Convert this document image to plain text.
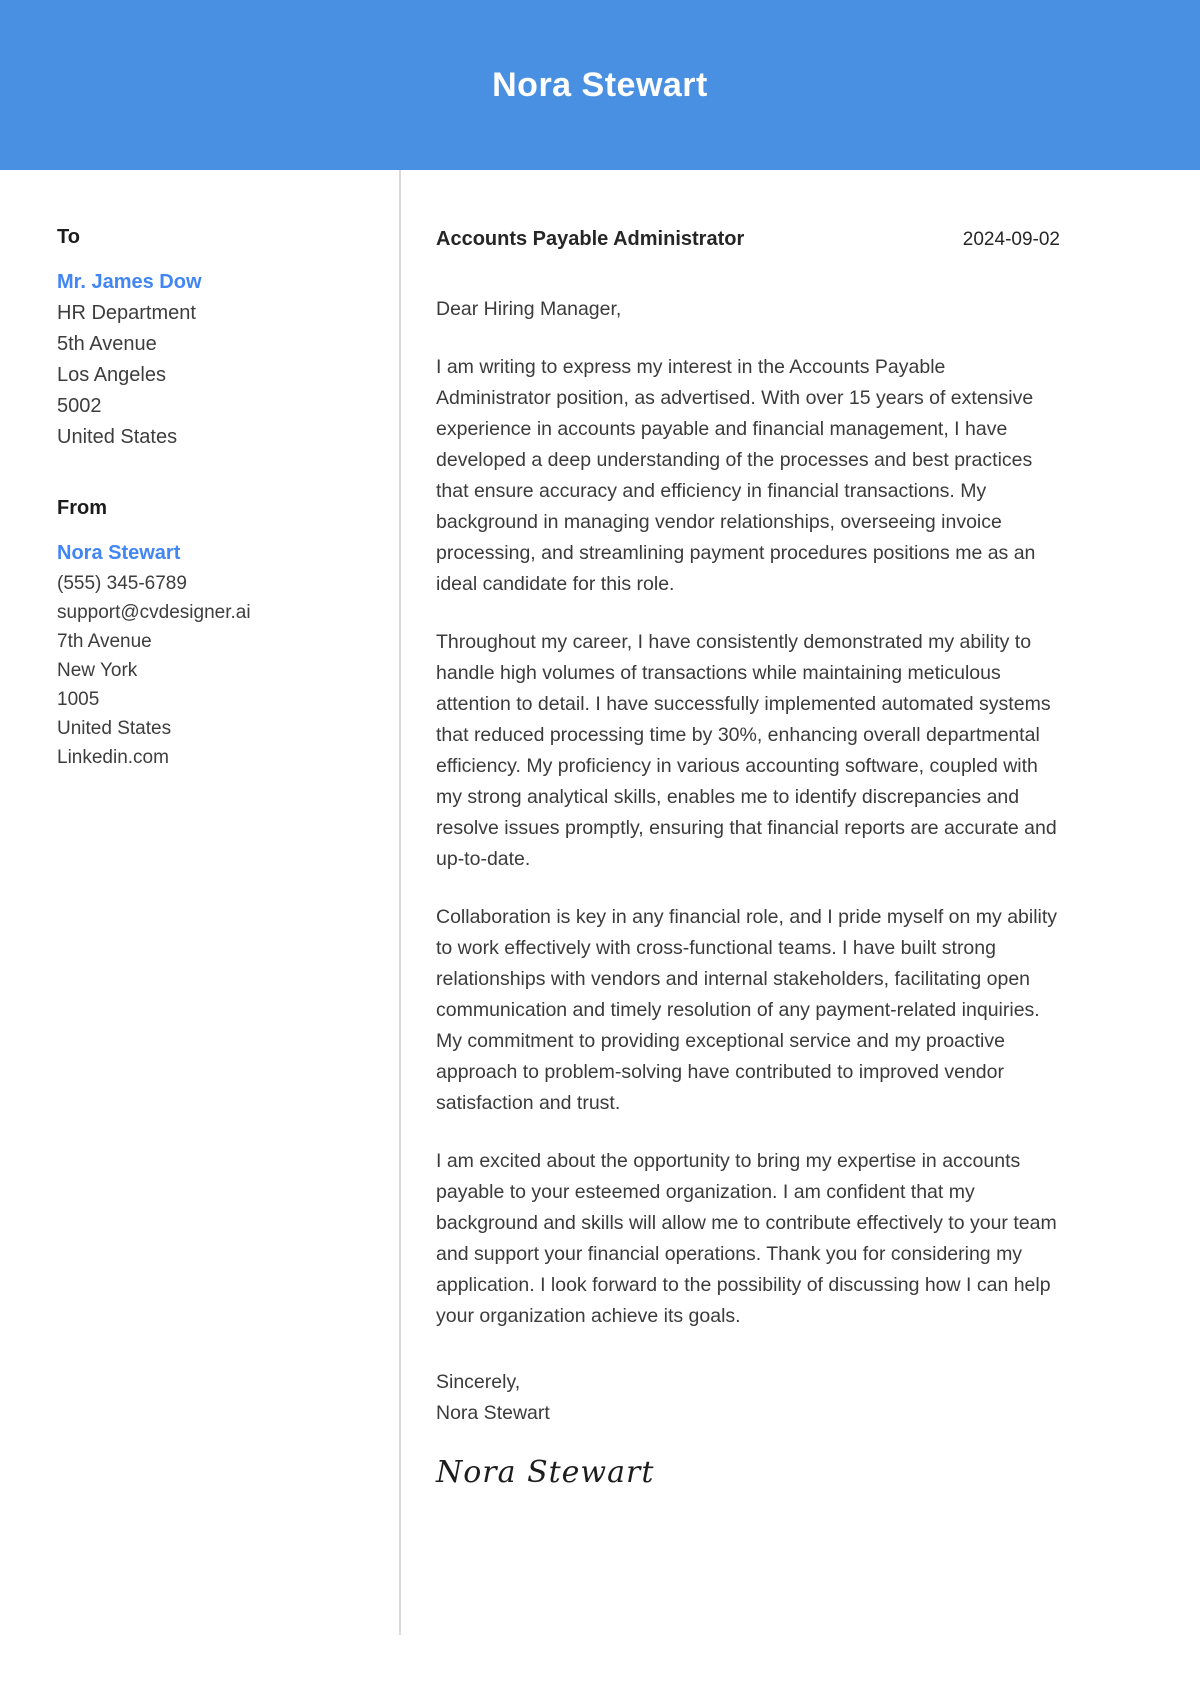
Nora Stewart
To
Mr. James Dow
HR Department
5th Avenue
Los Angeles
5002
United States
From
Nora Stewart
(555) 345-6789
support@cvdesigner.ai
7th Avenue
New York
1005
United States
Linkedin.com
Accounts Payable Administrator	2024-09-02

Dear Hiring Manager,

I am writing to express my interest in the Accounts Payable Administrator position, as advertised. With over 15 years of extensive experience in accounts payable and financial management, I have developed a deep understanding of the processes and best practices that ensure accuracy and efficiency in financial transactions. My background in managing vendor relationships, overseeing invoice processing, and streamlining payment procedures positions me as an ideal candidate for this role.

Throughout my career, I have consistently demonstrated my ability to handle high volumes of transactions while maintaining meticulous attention to detail. I have successfully implemented automated systems that reduced processing time by 30%, enhancing overall departmental efficiency. My proficiency in various accounting software, coupled with my strong analytical skills, enables me to identify discrepancies and resolve issues promptly, ensuring that financial reports are accurate and up-to-date.

Collaboration is key in any financial role, and I pride myself on my ability to work effectively with cross-functional teams. I have built strong relationships with vendors and internal stakeholders, facilitating open communication and timely resolution of any payment-related inquiries. My commitment to providing exceptional service and my proactive approach to problem-solving have contributed to improved vendor satisfaction and trust.

I am excited about the opportunity to bring my expertise in accounts payable to your esteemed organization. I am confident that my background and skills will allow me to contribute effectively to your team and support your financial operations. Thank you for considering my application. I look forward to the possibility of discussing how I can help your organization achieve its goals.

Sincerely,
Nora Stewart
Nora Stewart
